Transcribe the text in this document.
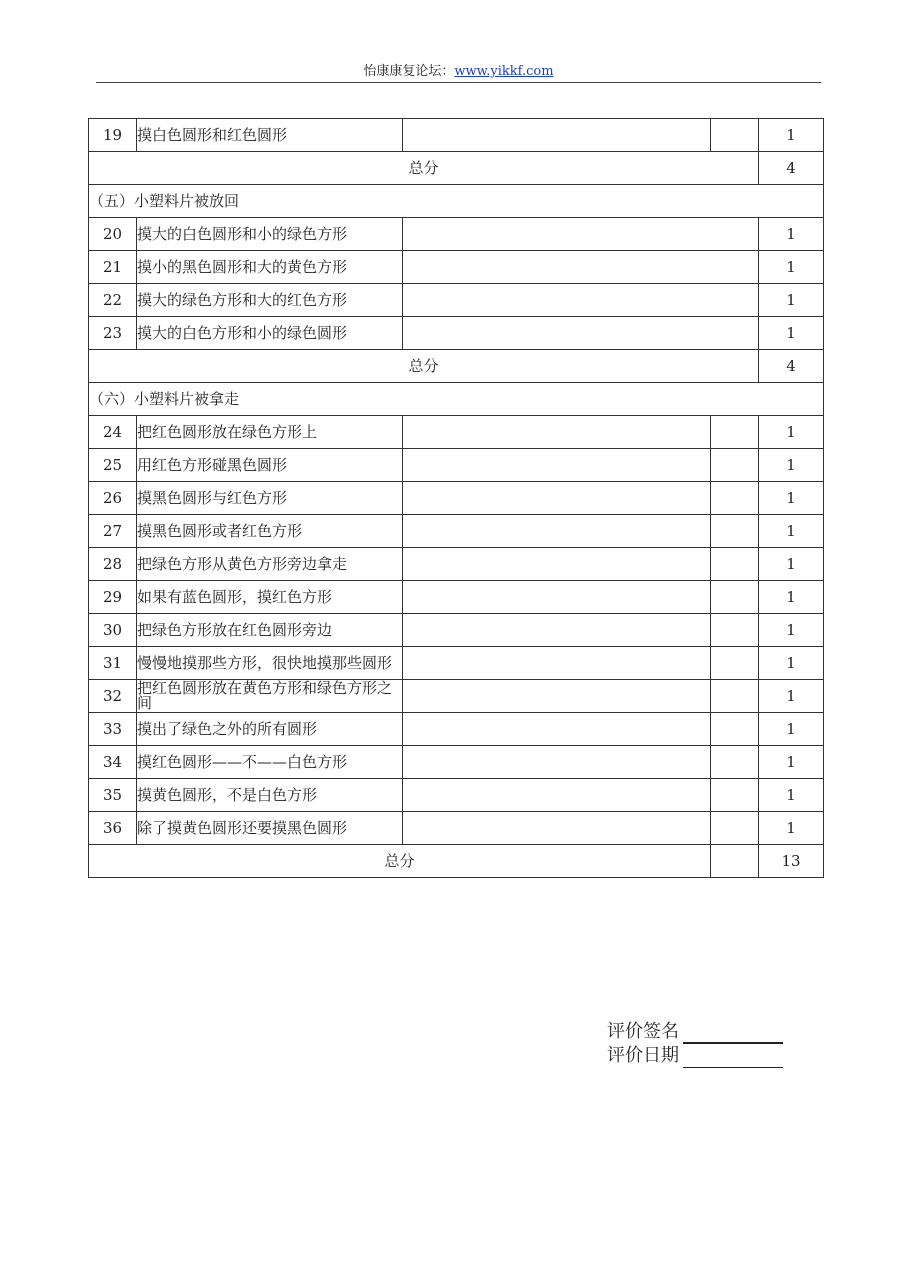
怡康康复论坛：www.yikkf.com
19	摸白色圆形和红色圆形			1
总分				4
（五）小塑料片被放回				
20	摸大的白色圆形和小的绿色方形			1
21	摸小的黑色圆形和大的黄色方形			1
22	摸大的绿色方形和大的红色方形			1
23	摸大的白色方形和小的绿色圆形			1
总分				4
（六）小塑料片被拿走				
24	把红色圆形放在绿色方形上			1
25	用红色方形碰黑色圆形			1
26	摸黑色圆形与红色方形			1
27	摸黑色圆形或者红色方形			1
28	把绿色方形从黄色方形旁边拿走			1
29	如果有蓝色圆形，摸红色方形			1
30	把绿色方形放在红色圆形旁边			1
31	慢慢地摸那些方形，很快地摸那些圆形			1
32	把红色圆形放在黄色方形和绿色方形之间			1
33	摸出了绿色之外的所有圆形			1
34	摸红色圆形——不——白色方形			1
35	摸黄色圆形，不是白色方形			1
36	除了摸黄色圆形还要摸黑色圆形			1
总分				13
评价签名
评价日期
